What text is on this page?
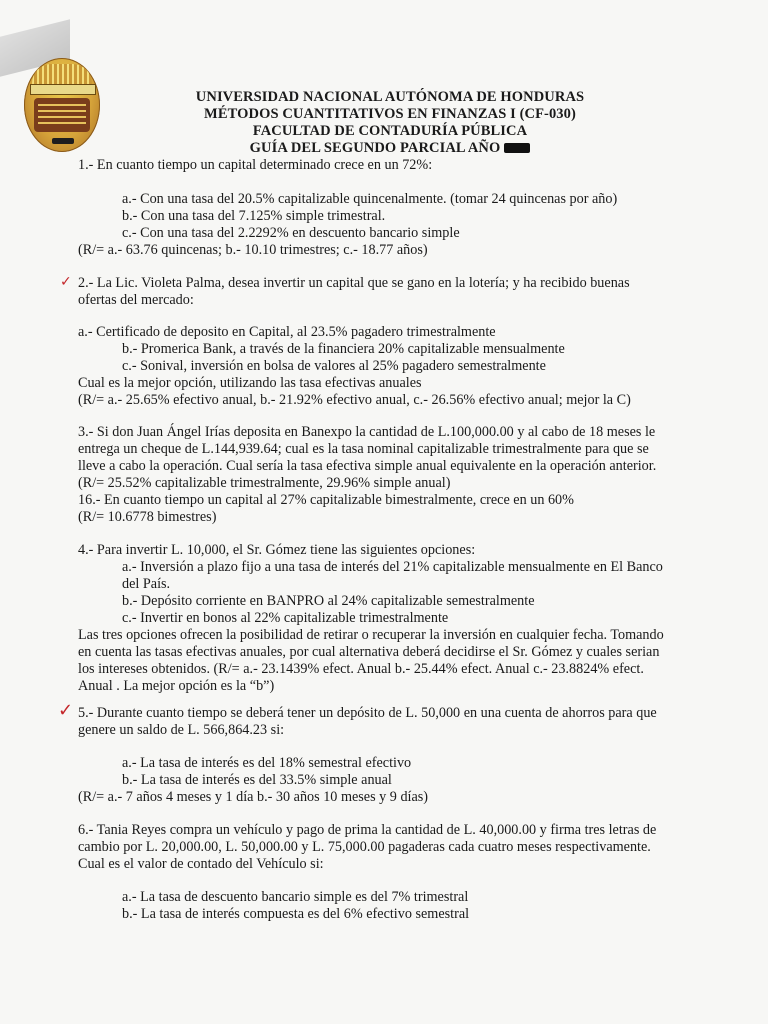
UNIVERSIDAD NACIONAL AUTÓNOMA DE HONDURAS
MÉTODOS CUANTITATIVOS EN FINANZAS I (CF-030)
FACULTAD DE CONTADURÍA PÚBLICA
GUÍA DEL SEGUNDO PARCIAL AÑO
1.- En cuanto tiempo un capital determinado crece en un 72%:
a.- Con una tasa del 20.5% capitalizable quincenalmente. (tomar 24 quincenas por año)
b.- Con una tasa del 7.125% simple trimestral.
c.- Con una tasa del 2.2292% en descuento bancario simple
(R/= a.- 63.76 quincenas; b.- 10.10 trimestres; c.- 18.77 años)
✓ 2.- La Lic. Violeta Palma, desea invertir un capital que se gano en la lotería; y ha recibido buenas
ofertas del mercado:
a.- Certificado de deposito en Capital, al 23.5% pagadero trimestralmente
b.- Promerica Bank, a través de la financiera 20% capitalizable mensualmente
c.- Sonival, inversión en bolsa de valores al 25% pagadero semestralmente
Cual es la mejor opción, utilizando las tasa efectivas anuales
(R/= a.- 25.65% efectivo anual, b.- 21.92% efectivo anual, c.- 26.56% efectivo anual; mejor la C)
3.- Si don Juan Ángel Irías deposita en Banexpo la cantidad de L.100,000.00 y al cabo de 18 meses le
entrega un cheque de L.144,939.64; cual es la tasa nominal capitalizable trimestralmente para que se
lleve a cabo la operación. Cual sería la tasa efectiva simple anual equivalente en la operación anterior.
(R/= 25.52% capitalizable trimestralmente, 29.96% simple anual)
16.- En cuanto tiempo un capital al 27% capitalizable bimestralmente, crece en un 60%
(R/= 10.6778 bimestres)
4.- Para invertir L. 10,000, el Sr. Gómez tiene las siguientes opciones:
a.- Inversión a plazo fijo a una tasa de interés del 21% capitalizable mensualmente en El Banco
del País.
b.- Depósito corriente en BANPRO al 24% capitalizable semestralmente
c.- Invertir en bonos al 22% capitalizable trimestralmente
Las tres opciones ofrecen la posibilidad de retirar o recuperar la inversión en cualquier fecha. Tomando
en cuenta las tasas efectivas anuales, por cual alternativa deberá decidirse el Sr. Gómez y cuales serian
los intereses obtenidos. (R/= a.- 23.1439% efect. Anual b.- 25.44% efect. Anual c.- 23.8824% efect.
Anual . La mejor opción es la “b”)
✓ 5.- Durante cuanto tiempo se deberá tener un depósito de L. 50,000 en una cuenta de ahorros para que
genere un saldo de L. 566,864.23 si:
a.- La tasa de interés es del 18% semestral efectivo
b.- La tasa de interés es del 33.5% simple anual
(R/= a.- 7 años 4 meses y 1 día b.- 30 años 10 meses y 9 días)
6.- Tania Reyes compra un vehículo y pago de prima la cantidad de L. 40,000.00 y firma tres letras de
cambio por L. 20,000.00, L. 50,000.00 y L. 75,000.00 pagaderas cada cuatro meses respectivamente.
Cual es el valor de contado del Vehículo si:
a.- La tasa de descuento bancario simple es del 7% trimestral
b.- La tasa de interés compuesta es del 6% efectivo semestral
